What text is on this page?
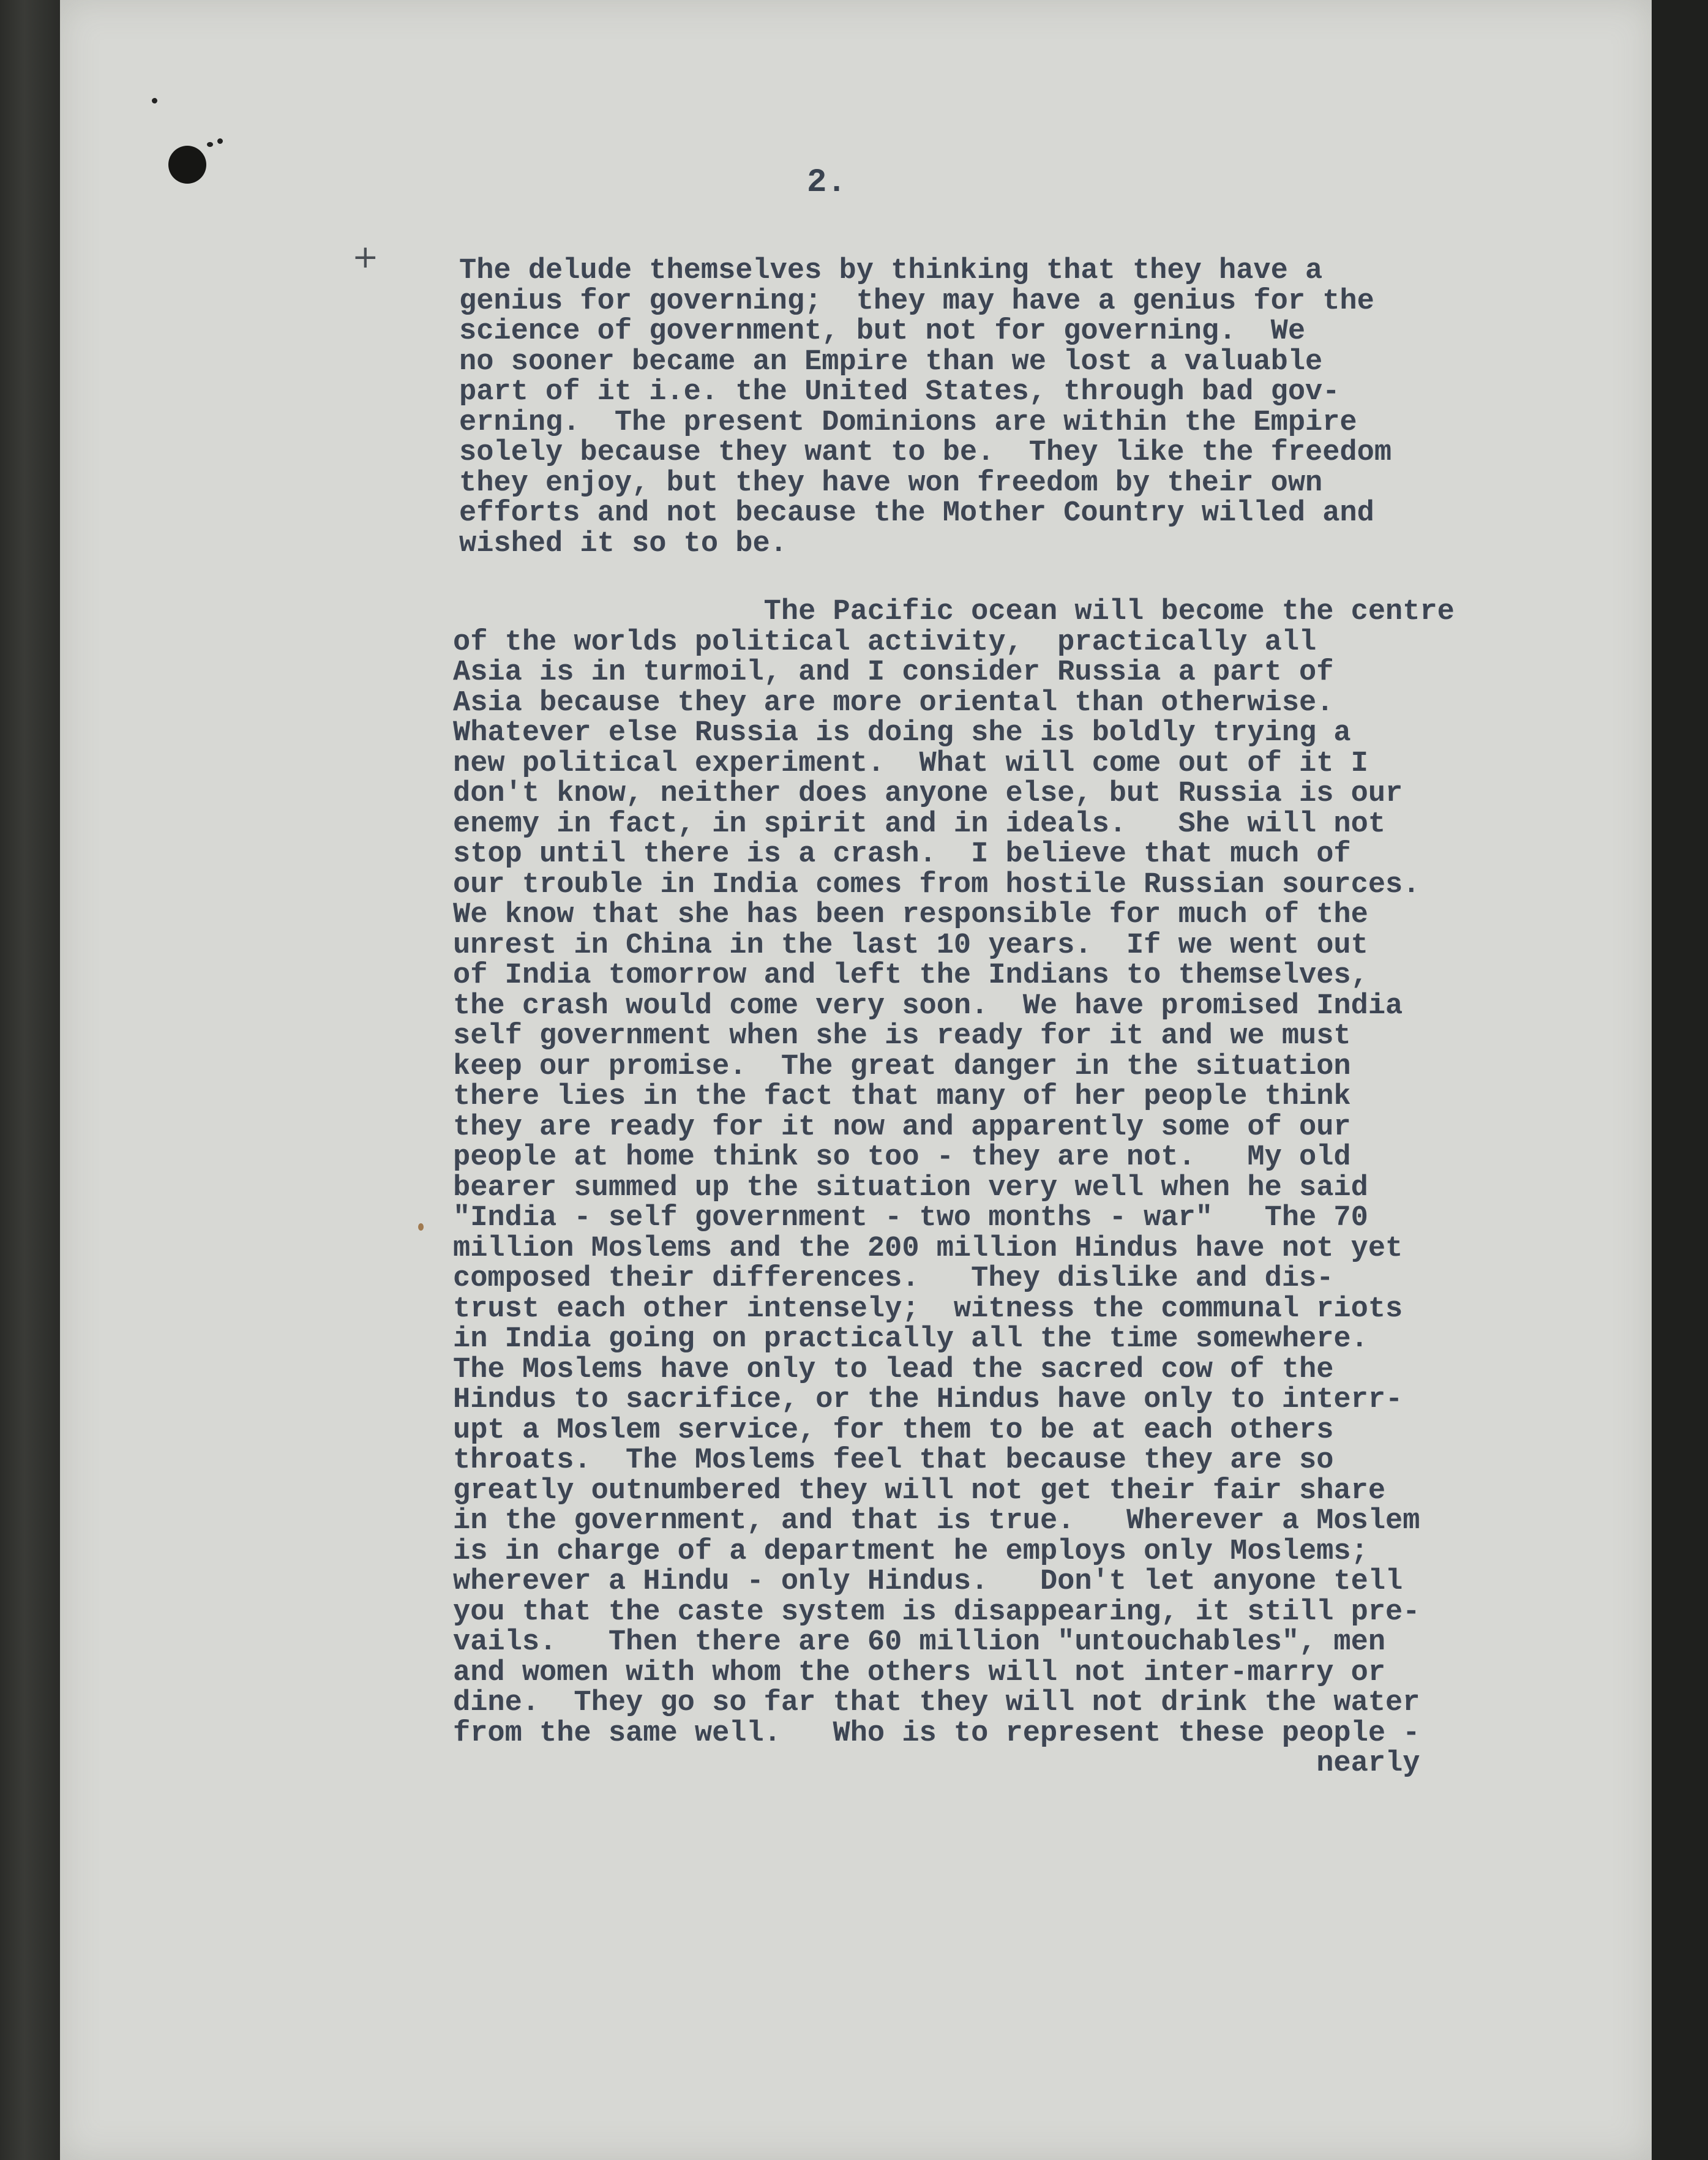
2.
+	The delude themselves by thinking that they have a
genius for governing;  they may have a genius for the
science of government, but not for governing.  We
no sooner became an Empire than we lost a valuable
part of it i.e. the United States, through bad gov-
erning.  The present Dominions are within the Empire
solely because they want to be.  They like the freedom
they enjoy, but they have won freedom by their own
efforts and not because the Mother Country willed and
wished it so to be.
The Pacific ocean will become the centre
of the worlds political activity,  practically all
Asia is in turmoil, and I consider Russia a part of
Asia because they are more oriental than otherwise.
Whatever else Russia is doing she is boldly trying a
new political experiment.  What will come out of it I
don't know, neither does anyone else, but Russia is our
enemy in fact, in spirit and in ideals.   She will not
stop until there is a crash.  I believe that much of
our trouble in India comes from hostile Russian sources.
We know that she has been responsible for much of the
unrest in China in the last 10 years.  If we went out
of India tomorrow and left the Indians to themselves,
the crash would come very soon.  We have promised India
self government when she is ready for it and we must
keep our promise.  The great danger in the situation
there lies in the fact that many of her people think
they are ready for it now and apparently some of our
people at home think so too - they are not.   My old
bearer summed up the situation very well when he said
"India - self government - two months - war"   The 70
million Moslems and the 200 million Hindus have not yet
composed their differences.   They dislike and dis-
trust each other intensely;  witness the communal riots
in India going on practically all the time somewhere.
The Moslems have only to lead the sacred cow of the
Hindus to sacrifice, or the Hindus have only to interr-
upt a Moslem service, for them to be at each others
throats.  The Moslems feel that because they are so
greatly outnumbered they will not get their fair share
in the government, and that is true.   Wherever a Moslem
is in charge of a department he employs only Moslems;
wherever a Hindu - only Hindus.   Don't let anyone tell
you that the caste system is disappearing, it still pre-
vails.   Then there are 60 million "untouchables", men
and women with whom the others will not inter-marry or
dine.  They go so far that they will not drink the water
from the same well.   Who is to represent these people -
nearly
